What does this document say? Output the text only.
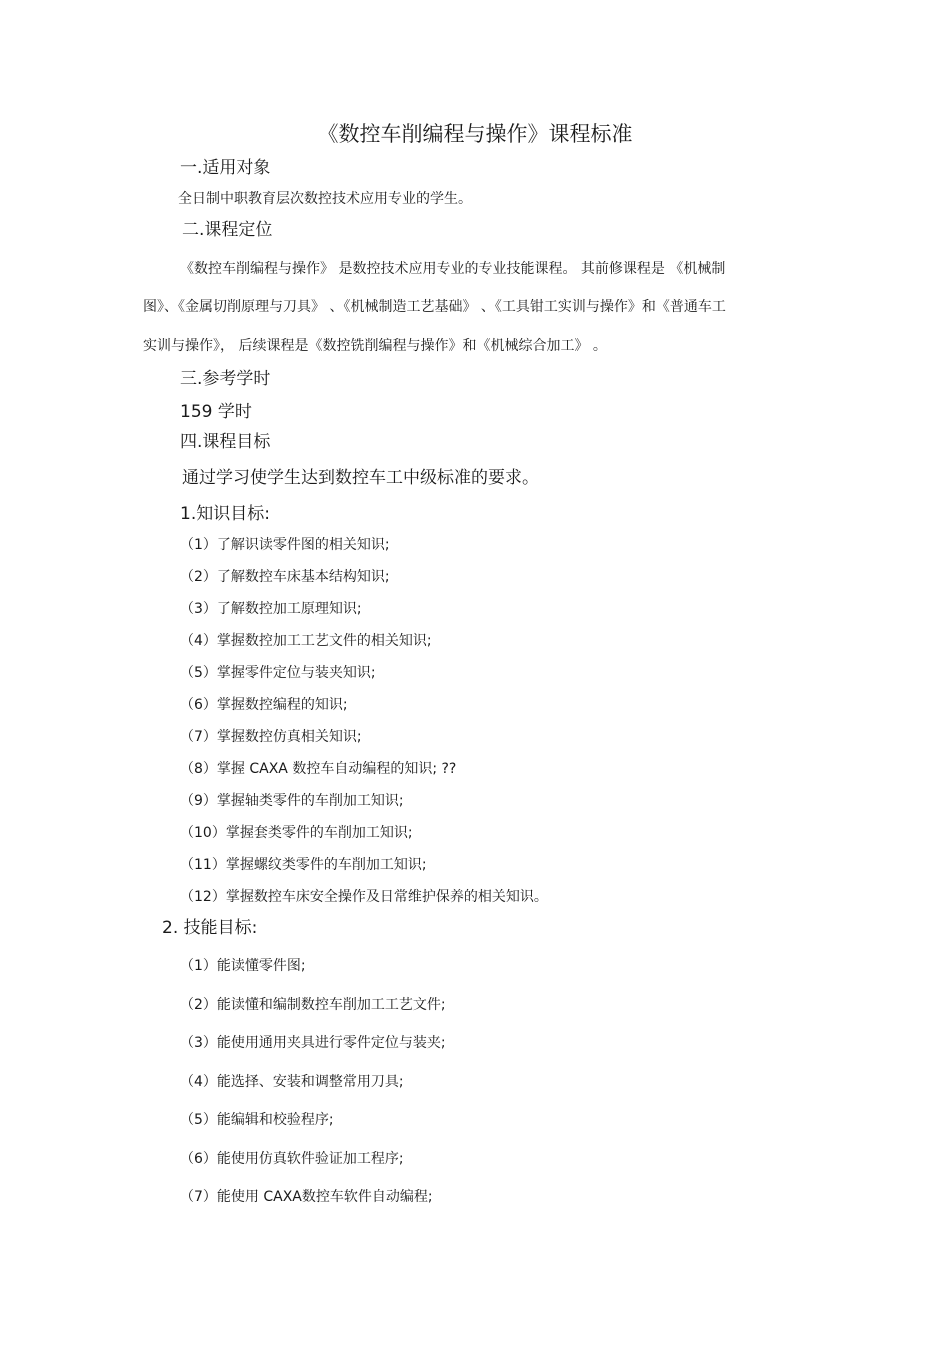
《数控车削编程与操作》课程标准
一.适用对象
全日制中职教育层次数控技术应用专业的学生。
二.课程定位
《数控车削编程与操作》 是数控技术应用专业的专业技能课程。 其前修课程是 《机械制
图》、《金属切削原理与刀具》 、《机械制造工艺基础》 、《工具钳工实训与操作》和《普通车工
实训与操作》， 后续课程是《数控铣削编程与操作》和《机械综合加工》 。
三.参考学时
159 学时
四.课程目标
通过学习使学生达到数控车工中级标准的要求。
1.知识目标:
（1）了解识读零件图的相关知识;
（2）了解数控车床基本结构知识;
（3）了解数控加工原理知识;
（4）掌握数控加工工艺文件的相关知识;
（5）掌握零件定位与装夹知识;
（6）掌握数控编程的知识;
（7）掌握数控仿真相关知识;
（8）掌握 CAXA 数控车自动编程的知识; ??
（9）掌握轴类零件的车削加工知识;
（10）掌握套类零件的车削加工知识;
（11）掌握螺纹类零件的车削加工知识;
（12）掌握数控车床安全操作及日常维护保养的相关知识。
2. 技能目标:
（1）能读懂零件图;
（2）能读懂和编制数控车削加工工艺文件;
（3）能使用通用夹具进行零件定位与装夹;
（4）能选择、安装和调整常用刀具;
（5）能编辑和校验程序;
（6）能使用仿真软件验证加工程序;
（7）能使用 CAXA数控车软件自动编程;
